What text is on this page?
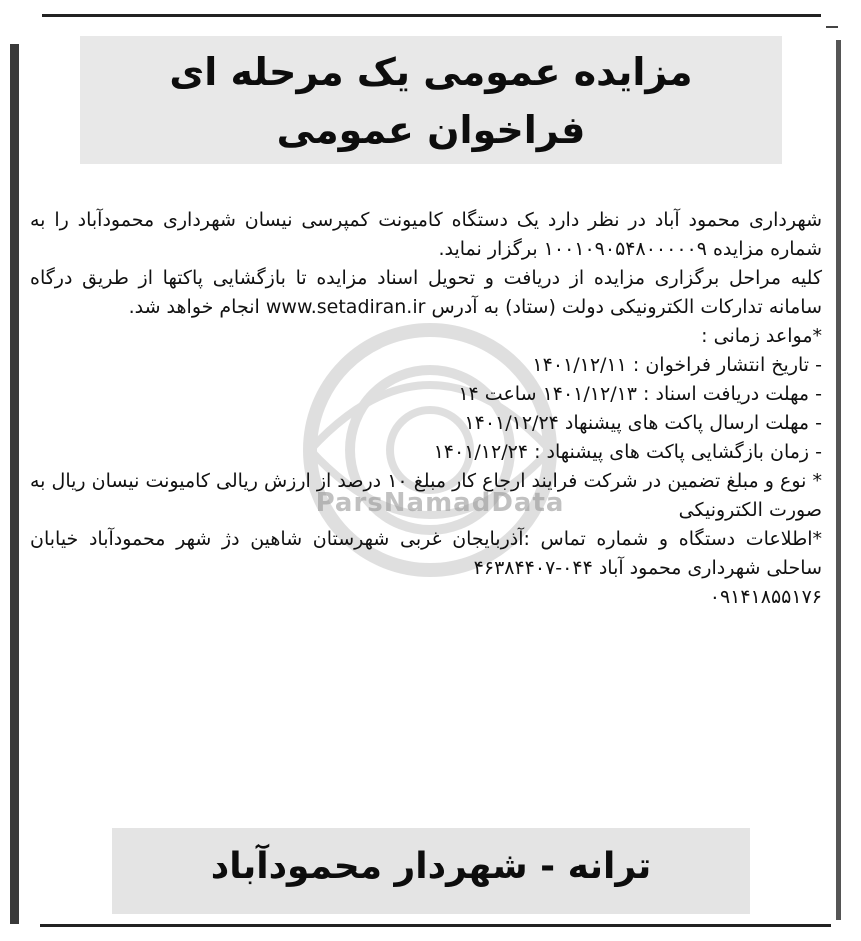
ParsNamadData
مزایده عمومی یک مرحله ای
فراخوان عمومی

شهرداری محمود آباد در نظر دارد یک دستگاه کامیونت کمپرسی نیسان شهرداری محمودآباد را به شماره مزایده ۱۰۰۱۰۹۰۵۴۸۰۰۰۰۰۹ برگزار نماید.

کلیه مراحل برگزاری مزایده از دریافت و تحویل اسناد مزایده تا بازگشایی پاکتها از طریق درگاه سامانه تدارکات الکترونیکی دولت (ستاد) به آدرس www.setadiran.ir انجام خواهد شد.

*مواعد زمانی :

- تاریخ انتشار فراخوان : ۱۴۰۱/۱۲/۱۱

- مهلت دریافت اسناد : ۱۴۰۱/۱۲/۱۳ ساعت ۱۴

- مهلت ارسال پاکت های پیشنهاد ۱۴۰۱/۱۲/۲۴

- زمان بازگشایی پاکت های پیشنهاد : ۱۴۰۱/۱۲/۲۴

* نوع و مبلغ تضمین در شرکت فرایند ارجاع کار مبلغ ۱۰ درصد از ارزش ریالی کامیونت نیسان ریال به صورت الکترونیکی

*اطلاعات دستگاه و شماره تماس :آذربایجان غربی شهرستان شاهین دژ شهر محمودآباد خیابان ساحلی شهرداری محمود آباد ۰۴۴-۴۶۳۸۴۴۰۷
۰۹۱۴۱۸۵۵۱۷۶

ترانه - شهردار محمودآباد
